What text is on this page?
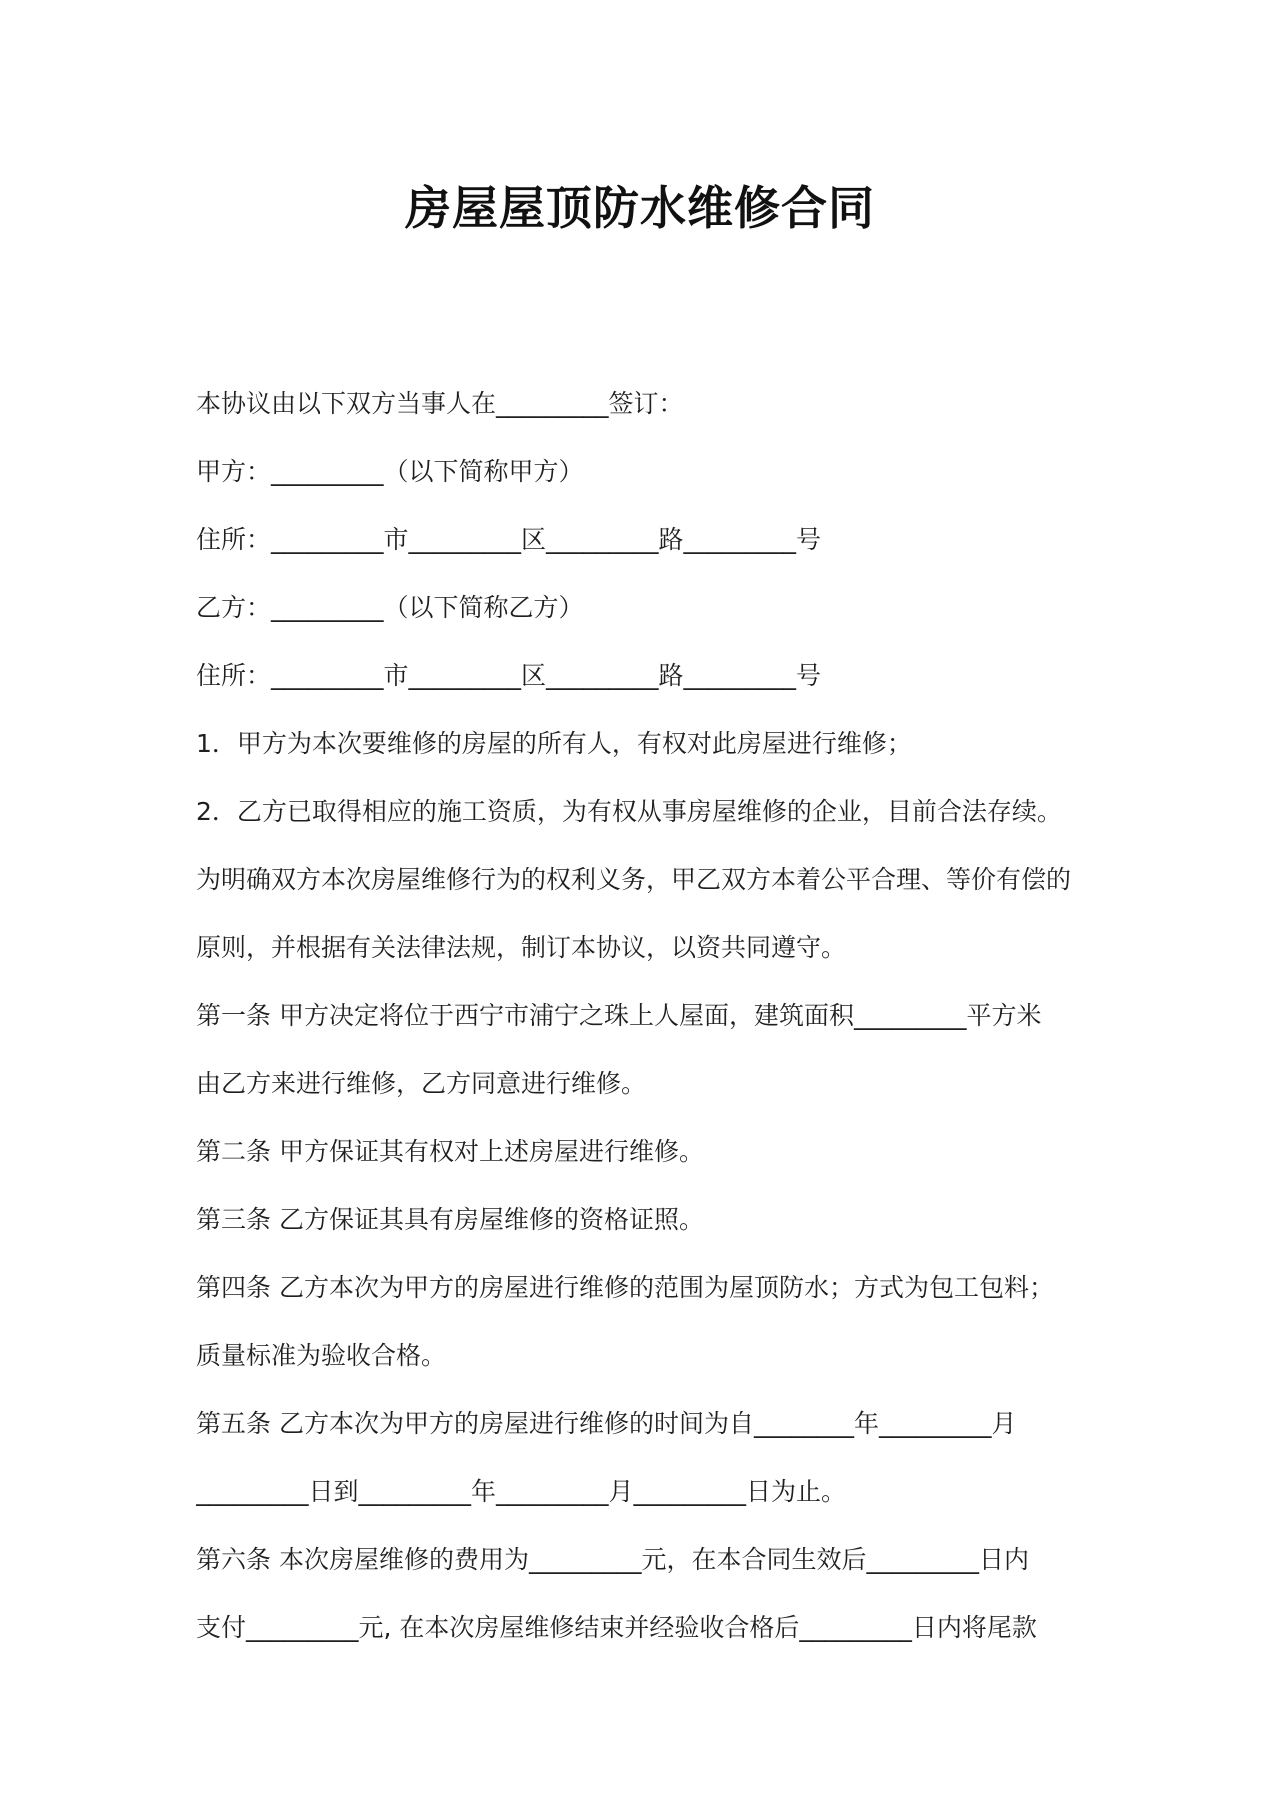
房屋屋顶防水维修合同

本协议由以下双方当事人在_________签订：

甲方：_________（以下简称甲方）

住所：_________市_________区_________路_________号

乙方：_________（以下简称乙方）

住所：_________市_________区_________路_________号

1．甲方为本次要维修的房屋的所有人，有权对此房屋进行维修；

2．乙方已取得相应的施工资质，为有权从事房屋维修的企业，目前合法存续。

为明确双方本次房屋维修行为的权利义务，甲乙双方本着公平合理、等价有偿的

原则，并根据有关法律法规，制订本协议，以资共同遵守。

第一条 甲方决定将位于西宁市浦宁之珠上人屋面，建筑面积_________平方米

由乙方来进行维修，乙方同意进行维修。

第二条 甲方保证其有权对上述房屋进行维修。

第三条 乙方保证其具有房屋维修的资格证照。

第四条 乙方本次为甲方的房屋进行维修的范围为屋顶防水；方式为包工包料；

质量标准为验收合格。

第五条 乙方本次为甲方的房屋进行维修的时间为自________年_________月

_________日到_________年_________月_________日为止。

第六条 本次房屋维修的费用为_________元，在本合同生效后_________日内

支付_________元, 在本次房屋维修结束并经验收合格后_________日内将尾款
